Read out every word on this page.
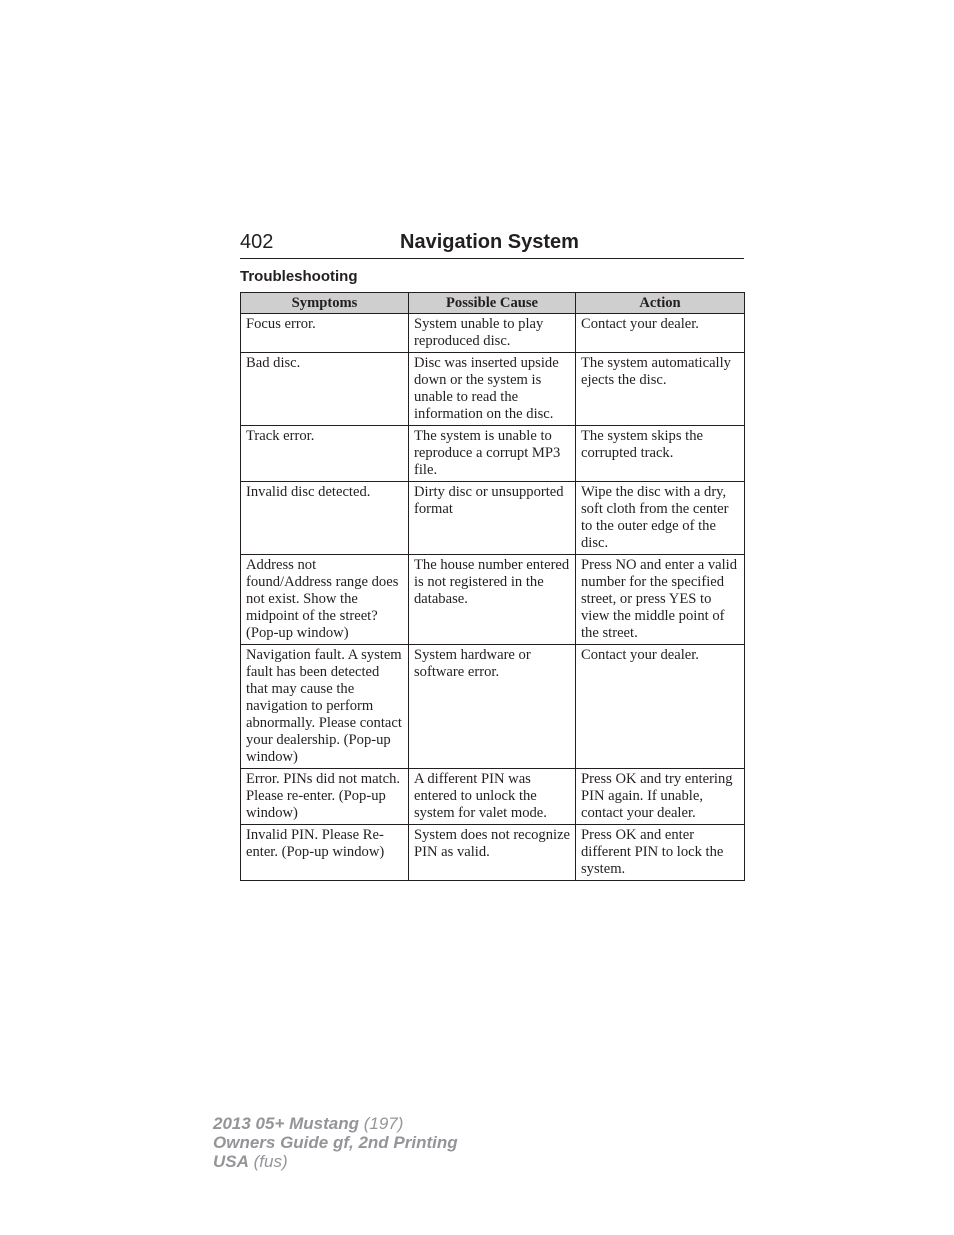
402	Navigation System
Troubleshooting
Symptoms	Possible Cause	Action
Focus error.	System unable to play reproduced disc.	Contact your dealer.
Bad disc.	Disc was inserted upside down or the system is unable to read the information on the disc.	The system automatically ejects the disc.
Track error.	The system is unable to reproduce a corrupt MP3 file.	The system skips the corrupted track.
Invalid disc detected.	Dirty disc or unsupported format	Wipe the disc with a dry, soft cloth from the center to the outer edge of the disc.
Address not found/Address range does not exist. Show the midpoint of the street? (Pop-up window)	The house number entered is not registered in the database.	Press NO and enter a valid number for the specified street, or press YES to view the middle point of the street.
Navigation fault. A system fault has been detected that may cause the navigation to perform abnormally. Please contact your dealership. (Pop-up window)	System hardware or software error.	Contact your dealer.
Error. PINs did not match. Please re-enter. (Pop-up window)	A different PIN was entered to unlock the system for valet mode.	Press OK and try entering PIN again. If unable, contact your dealer.
Invalid PIN. Please Re-enter. (Pop-up window)	System does not recognize PIN as valid.	Press OK and enter different PIN to lock the system.
2013 05+ Mustang (197)
Owners Guide gf, 2nd Printing
USA (fus)
